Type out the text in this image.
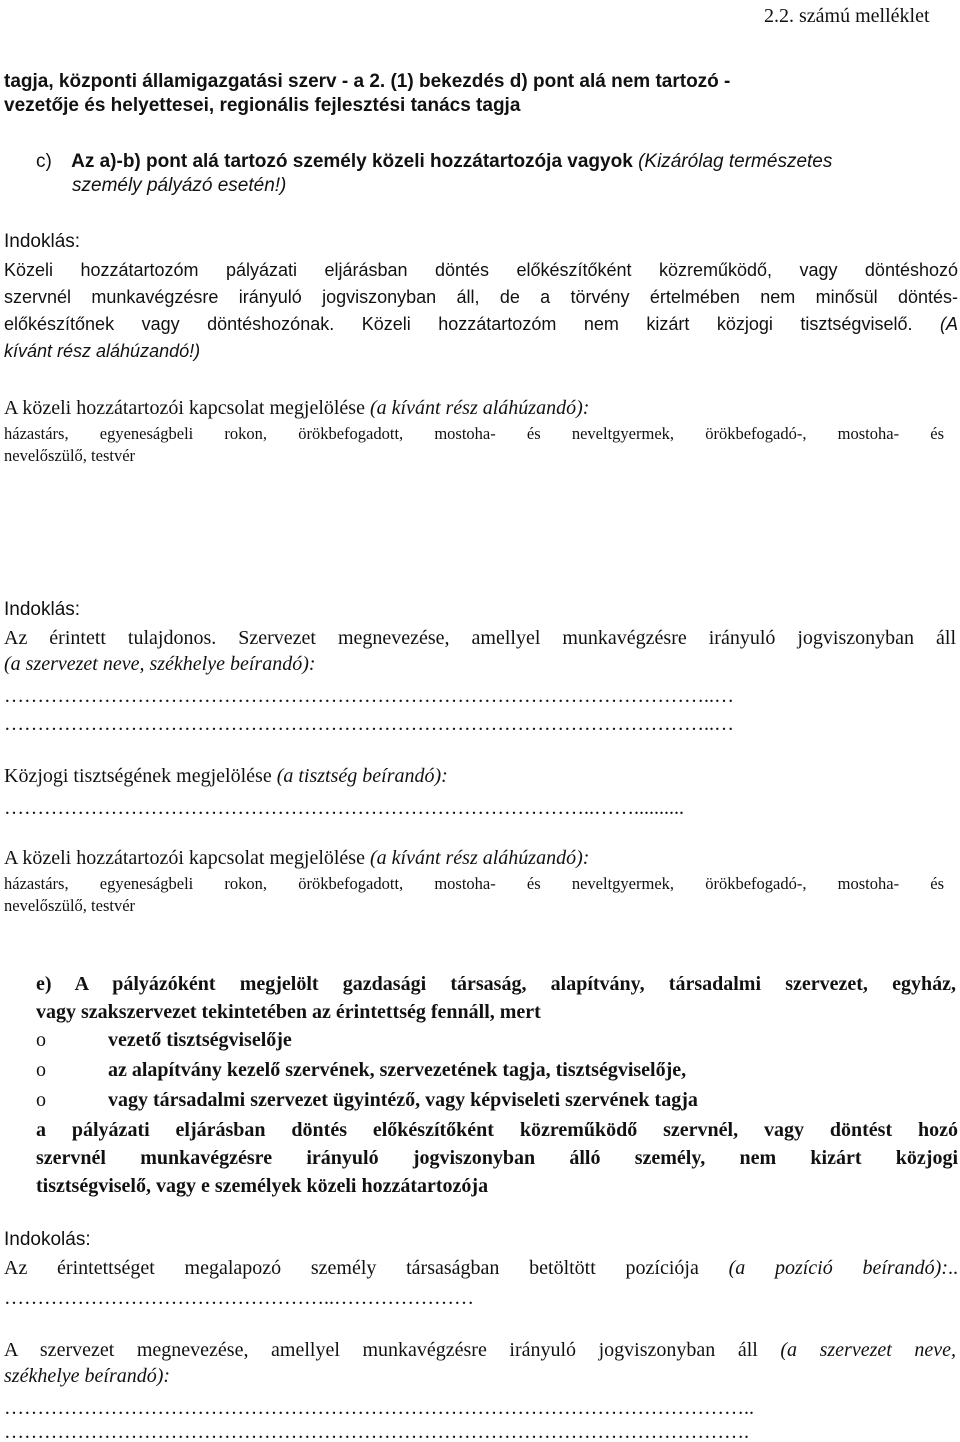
2.2. számú melléklet
tagja, központi államigazgatási szerv - a 2. (1) bekezdés d) pont alá nem tartozó -
vezetője és helyettesei, regionális fejlesztési tanács tagja
c) Az a)-b) pont alá tartozó személy közeli hozzátartozója vagyok (Kizárólag természetes
személy pályázó esetén!)
Indoklás:
Közeli hozzátartozóm pályázati eljárásban döntés előkészítőként közreműködő, vagy döntéshozó
szervnél munkavégzésre irányuló jogviszonyban áll, de a törvény értelmében nem minősül döntés-
előkészítőnek vagy döntéshozónak. Közeli hozzátartozóm nem kizárt közjogi tisztségviselő. (A
kívánt rész aláhúzandó!)
A közeli hozzátartozói kapcsolat megjelölése (a kívánt rész aláhúzandó):
házastárs, egyeneságbeli rokon, örökbefogadott, mostoha- és neveltgyermek, örökbefogadó-, mostoha- és
nevelőszülő, testvér
Indoklás:
Az érintett tulajdonos. Szervezet megnevezése, amellyel munkavégzésre irányuló jogviszonyban áll
(a szervezet neve, székhelye beírandó):
……………………………………………………………………………………………..…
……………………………………………………………………………………………..…
Közjogi tisztségének megjelölése (a tisztség beírandó):
……………………………………………………………………………..……..........
A közeli hozzátartozói kapcsolat megjelölése (a kívánt rész aláhúzandó):
házastárs, egyeneságbeli rokon, örökbefogadott, mostoha- és neveltgyermek, örökbefogadó-, mostoha- és
nevelőszülő, testvér
e) A pályázóként megjelölt gazdasági társaság, alapítvány, társadalmi szervezet, egyház,
vagy szakszervezet tekintetében az érintettség fennáll, mert
o	vezető tisztségviselője
o	az alapítvány kezelő szervének, szervezetének tagja, tisztségviselője,
o	vagy társadalmi szervezet ügyintéző, vagy képviseleti szervének tagja
a pályázati eljárásban döntés előkészítőként közreműködő szervnél, vagy döntést hozó
szervnél munkavégzésre irányuló jogviszonyban álló személy, nem kizárt közjogi
tisztségviselő, vagy e személyek közeli hozzátartozója
Indokolás:
Az érintettséget megalapozó személy társaságban betöltött pozíciója (a pozíció beírandó):..
…………………………………………..…………………
A szervezet megnevezése, amellyel munkavégzésre irányuló jogviszonyban áll (a szervezet neve,
székhelye beírandó):
…………………………………………………………………………………………………..
………………………………………………………………………………………………….
